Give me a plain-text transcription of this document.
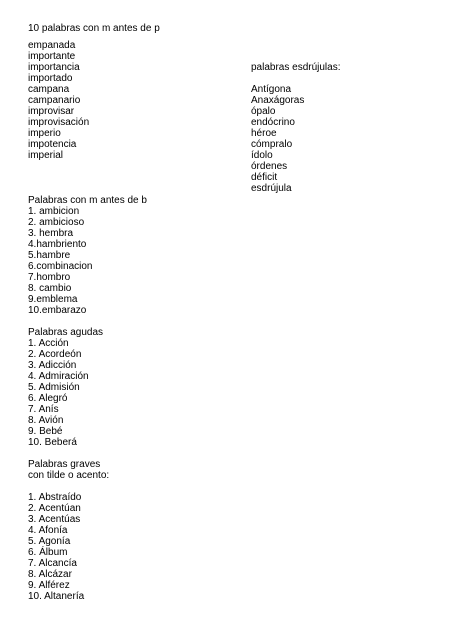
10 palabras con m antes de p
empanada
importante
importancia
importado
campana
campanario
improvisar
improvisación
imperio
impotencia
imperial
palabras esdrújulas:
Antígona
Anaxágoras
ópalo
endócrino
héroe
cómpralo
ídolo
órdenes
déficit
esdrújula
Palabras con m antes de b
1. ambicion
2. ambicioso
3. hembra
4.hambriento
5.hambre
6.combinacion
7.hombro
8. cambio
9.emblema
10.embarazo
Palabras agudas
1. Acción
2. Acordeón
3. Adicción
4. Admiración
5. Admisión
6. Alegró
7. Anís
8. Avión
9. Bebé
10. Beberá
Palabras graves
con tilde o acento:
1. Abstraído
2. Acentúan
3. Acentúas
4. Afonía
5. Agonía
6. Álbum
7. Alcancía
8. Alcázar
9. Alférez
10. Altanería
